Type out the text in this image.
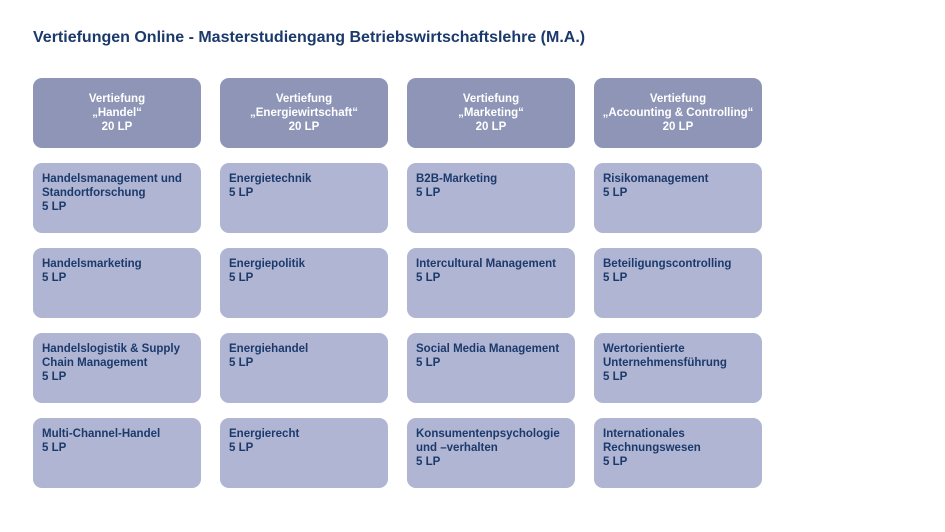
Vertiefungen Online - Masterstudiengang Betriebswirtschaftslehre (M.A.)
Vertiefung
„Handel“
20 LP
Handelsmanagement und Standortforschung
5 LP
Handelsmarketing
5 LP
Handelslogistik & Supply Chain Management
5 LP
Multi-Channel-Handel
5 LP
Vertiefung
„Energiewirtschaft“
20 LP
Energietechnik
5 LP
Energiepolitik
5 LP
Energiehandel
5 LP
Energierecht
5 LP
Vertiefung
„Marketing“
20 LP
B2B-Marketing
5 LP
Intercultural Management
5 LP
Social Media Management
5 LP
Konsumentenpsychologie und –verhalten
5 LP
Vertiefung
„Accounting & Controlling“
20 LP
Risikomanagement
5 LP
Beteiligungscontrolling
5 LP
Wertorientierte Unternehmensführung
5 LP
Internationales Rechnungswesen
5 LP
